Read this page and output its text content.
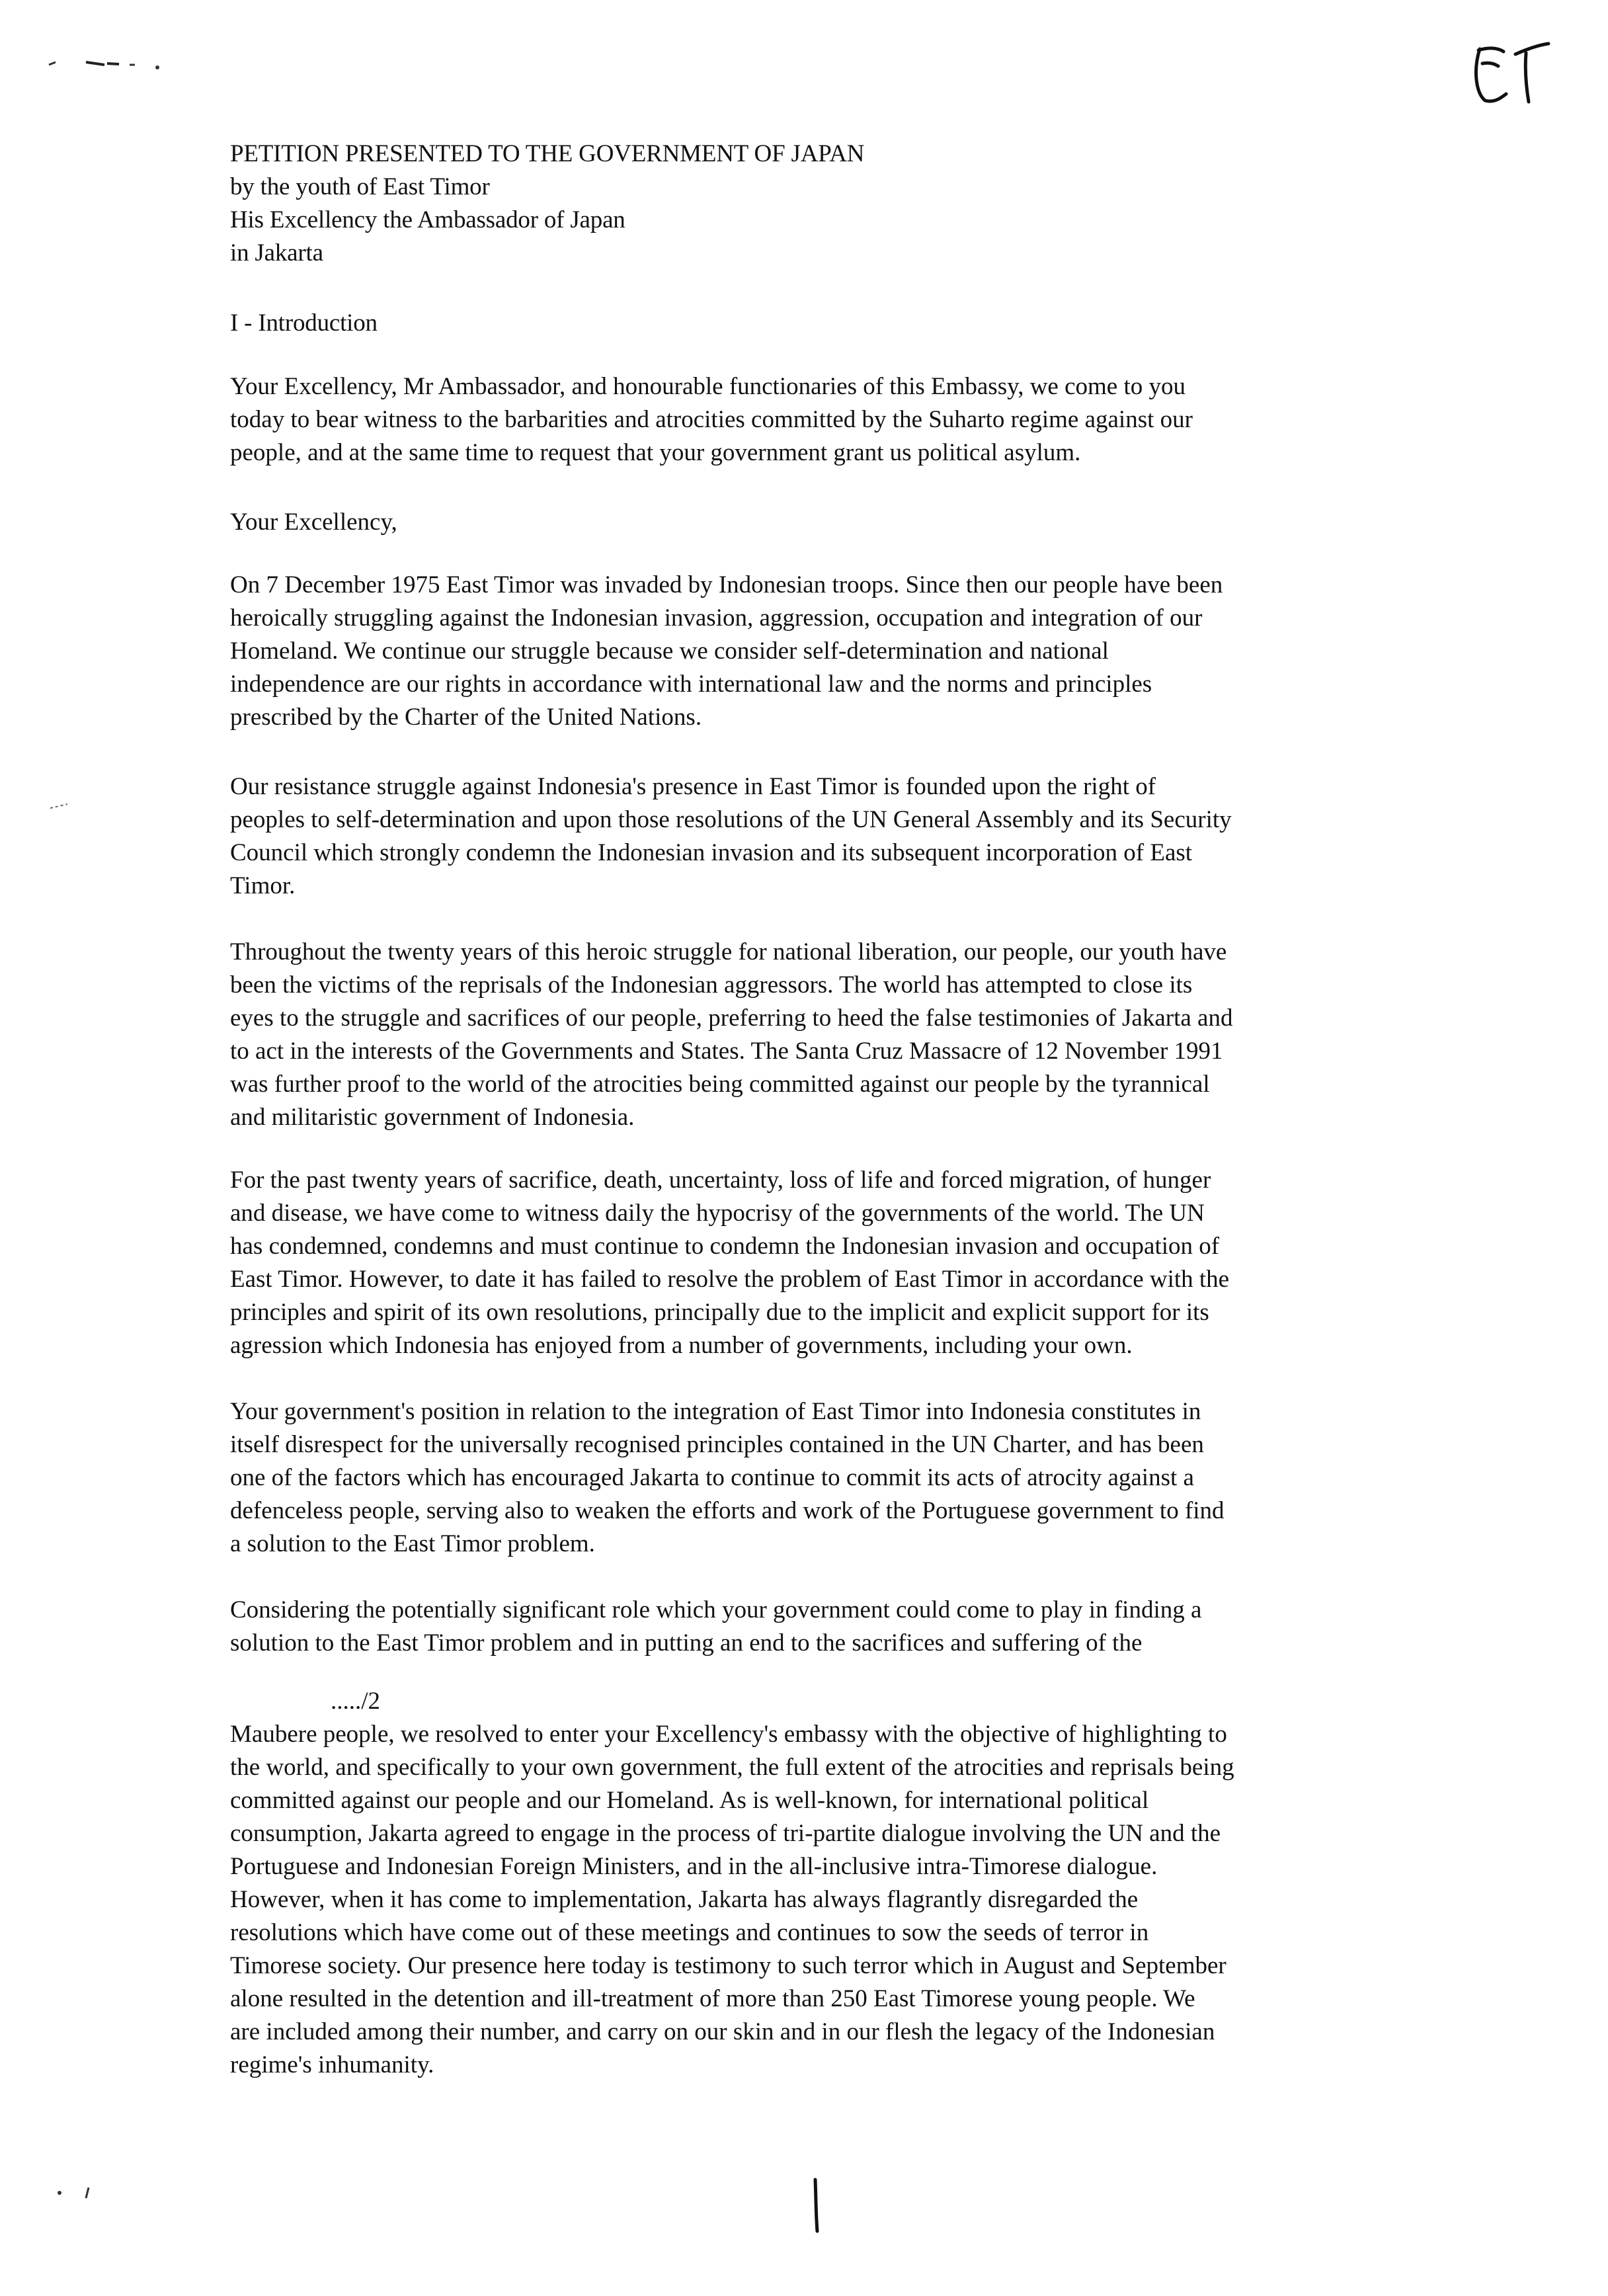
PETITION PRESENTED TO THE GOVERNMENT OF JAPAN
by the youth of East Timor
His Excellency the Ambassador of Japan
in Jakarta
I - Introduction

Your Excellency, Mr Ambassador, and honourable functionaries of this Embassy, we come to you
today to bear witness to the barbarities and atrocities committed by the Suharto regime against our
people, and at the same time to request that your government grant us political asylum.

Your Excellency,

On 7 December 1975 East Timor was invaded by Indonesian troops. Since then our people have been
heroically struggling against the Indonesian invasion, aggression, occupation and integration of our
Homeland. We continue our struggle because we consider self-determination and national
independence are our rights in accordance with international law and the norms and principles
prescribed by the Charter of the United Nations.

Our resistance struggle against Indonesia's presence in East Timor is founded upon the right of
peoples to self-determination and upon those resolutions of the UN General Assembly and its Security
Council which strongly condemn the Indonesian invasion and its subsequent incorporation of East
Timor.

Throughout the twenty years of this heroic struggle for national liberation, our people, our youth have
been the victims of the reprisals of the Indonesian aggressors. The world has attempted to close its
eyes to the struggle and sacrifices of our people, preferring to heed the false testimonies of Jakarta and
to act in the interests of the Governments and States. The Santa Cruz Massacre of 12 November 1991
was further proof to the world of the atrocities being committed against our people by the tyrannical
and militaristic government of Indonesia.

For the past twenty years of sacrifice, death, uncertainty, loss of life and forced migration, of hunger
and disease, we have come to witness daily the hypocrisy of the governments of the world. The UN
has condemned, condemns and must continue to condemn the Indonesian invasion and occupation of
East Timor. However, to date it has failed to resolve the problem of East Timor in accordance with the
principles and spirit of its own resolutions, principally due to the implicit and explicit support for its
agression which Indonesia has enjoyed from a number of governments, including your own.

Your government's position in relation to the integration of East Timor into Indonesia constitutes in
itself disrespect for the universally recognised principles contained in the UN Charter, and has been
one of the factors which has encouraged Jakarta to continue to commit its acts of atrocity against a
defenceless people, serving also to weaken the efforts and work of the Portuguese government to find
a solution to the East Timor problem.

Considering the potentially significant role which your government could come to play in finding a
solution to the East Timor problem and in putting an end to the sacrifices and suffering of the

...../2

Maubere people, we resolved to enter your Excellency's embassy with the objective of highlighting to
the world, and specifically to your own government, the full extent of the atrocities and reprisals being
committed against our people and our Homeland. As is well-known, for international political
consumption, Jakarta agreed to engage in the process of tri-partite dialogue involving the UN and the
Portuguese and Indonesian Foreign Ministers, and in the all-inclusive intra-Timorese dialogue.
However, when it has come to implementation, Jakarta has always flagrantly disregarded the
resolutions which have come out of these meetings and continues to sow the seeds of terror in
Timorese society. Our presence here today is testimony to such terror which in August and September
alone resulted in the detention and ill-treatment of more than 250 East Timorese young people. We
are included among their number, and carry on our skin and in our flesh the legacy of the Indonesian
regime's inhumanity.
